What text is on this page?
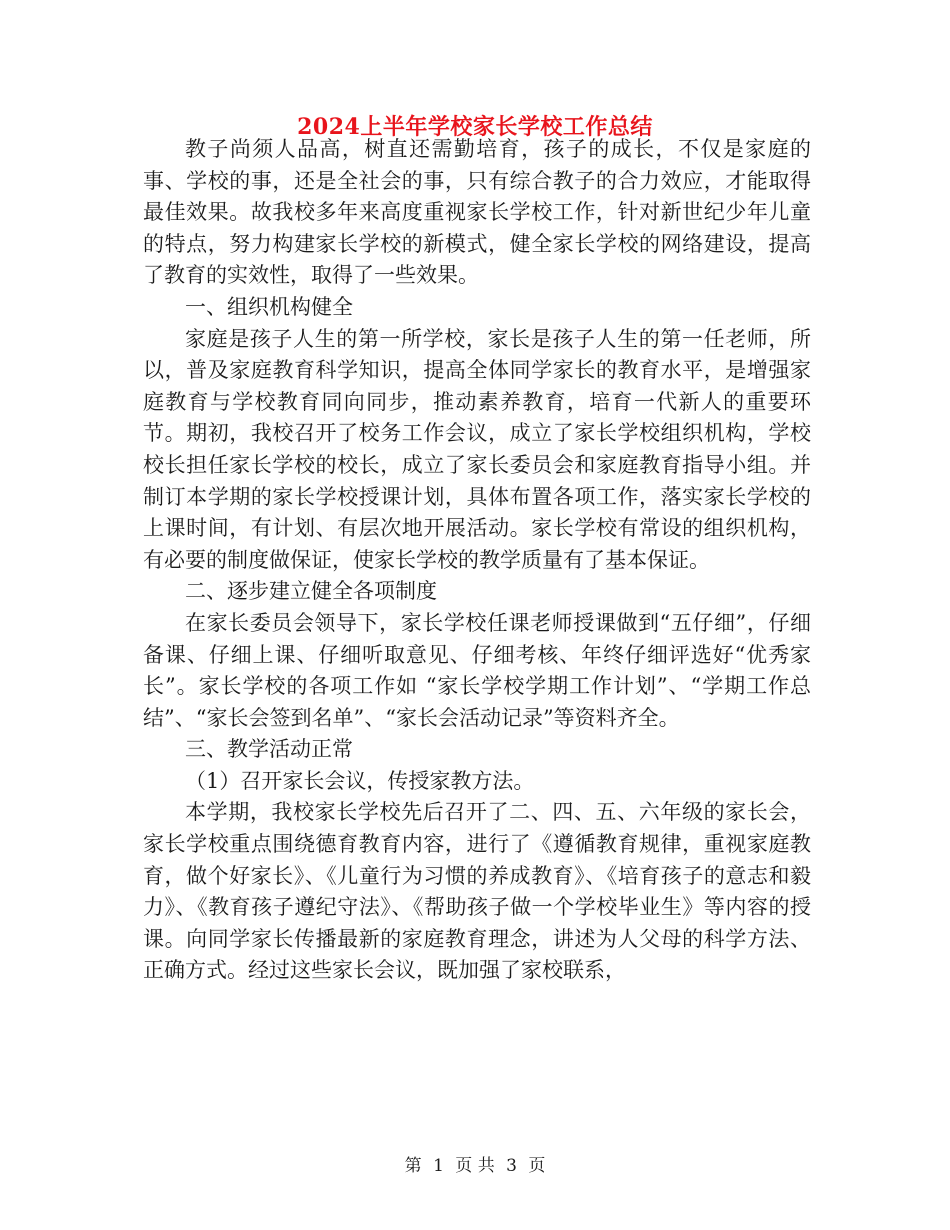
2024上半年学校家长学校工作总结

教子尚须人品高，树直还需勤培育，孩子的成长，不仅是家庭的事、学校的事，还是全社会的事，只有综合教子的合力效应，才能取得最佳效果。故我校多年来高度重视家长学校工作，针对新世纪少年儿童的特点，努力构建家长学校的新模式，健全家长学校的网络建设，提高了教育的实效性，取得了一些效果。

一、组织机构健全

家庭是孩子人生的第一所学校，家长是孩子人生的第一任老师，所以，普及家庭教育科学知识，提高全体同学家长的教育水平，是增强家庭教育与学校教育同向同步，推动素养教育，培育一代新人的重要环节。期初，我校召开了校务工作会议，成立了家长学校组织机构，学校校长担任家长学校的校长，成立了家长委员会和家庭教育指导小组。并制订本学期的家长学校授课计划，具体布置各项工作，落实家长学校的上课时间，有计划、有层次地开展活动。家长学校有常设的组织机构，有必要的制度做保证，使家长学校的教学质量有了基本保证。

二、逐步建立健全各项制度

在家长委员会领导下，家长学校任课老师授课做到“五仔细”，仔细备课、仔细上课、仔细听取意见、仔细考核、年终仔细评选好“优秀家长”。家长学校的各项工作如 “家长学校学期工作计划”、“学期工作总结”、“家长会签到名单”、“家长会活动记录”等资料齐全。

三、教学活动正常

（1）召开家长会议，传授家教方法。

本学期，我校家长学校先后召开了二、四、五、六年级的家长会，家长学校重点围绕德育教育内容，进行了《遵循教育规律，重视家庭教育，做个好家长》、《儿童行为习惯的养成教育》、《培育孩子的意志和毅力》、《教育孩子遵纪守法》、《帮助孩子做一个学校毕业生》等内容的授课。向同学家长传播最新的家庭教育理念，讲述为人父母的科学方法、正确方式。经过这些家长会议，既加强了家校联系，

第 1 页 共 3 页
